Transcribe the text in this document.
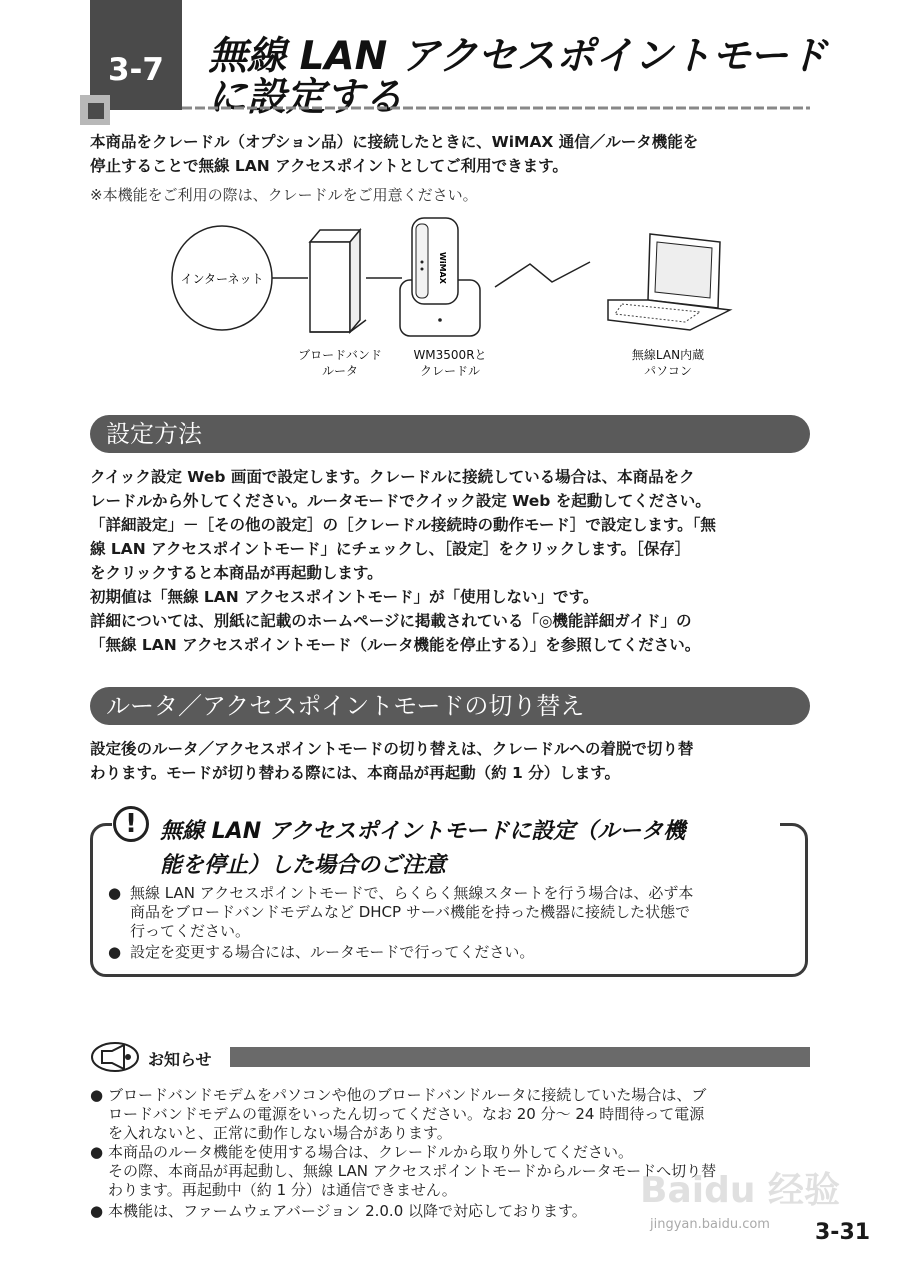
3-7	無線 LAN アクセスポイントモード
に設定する
本商品をクレードル（オプション品）に接続したときに、WiMAX 通信／ルータ機能を
停止することで無線 LAN アクセスポイントとしてご利用できます。
※本機能をご利用の際は、クレードルをご用意ください。
WiMAX
インターネット
ブロードバンド
ルータ
WM3500Rと
クレードル
無線LAN内蔵
パソコン
設定方法
クイック設定 Web 画面で設定します。クレードルに接続している場合は、本商品をク
レードルから外してください。ルータモードでクイック設定 Web を起動してください。
「詳細設定」－［その他の設定］の［クレードル接続時の動作モード］で設定します。「無
線 LAN アクセスポイントモード」にチェックし、［設定］をクリックします。［保存］
をクリックすると本商品が再起動します。
初期値は「無線 LAN アクセスポイントモード」が「使用しない」です。
詳細については、別紙に記載のホームページに掲載されている「◎機能詳細ガイド」の
「無線 LAN アクセスポイントモード（ルータ機能を停止する）」を参照してください。
ルータ／アクセスポイントモードの切り替え
設定後のルータ／アクセスポイントモードの切り替えは、クレードルへの着脱で切り替
わります。モードが切り替わる際には、本商品が再起動（約 1 分）します。
!	無線 LAN アクセスポイントモードに設定（ルータ機
能を停止）した場合のご注意
● 無線 LAN アクセスポイントモードで、らくらく無線スタートを行う場合は、必ず本
商品をブロードバンドモデムなど DHCP サーバ機能を持った機器に接続した状態で
行ってください。
● 設定を変更する場合には、ルータモードで行ってください。
お知らせ
● ブロードバンドモデムをパソコンや他のブロードバンドルータに接続していた場合は、ブ
ロードバンドモデムの電源をいったん切ってください。なお 20 分～ 24 時間待って電源
を入れないと、正常に動作しない場合があります。
● 本商品のルータ機能を使用する場合は、クレードルから取り外してください。
その際、本商品が再起動し、無線 LAN アクセスポイントモードからルータモードへ切り替
わります。再起動中（約 1 分）は通信できません。
● 本機能は、ファームウェアバージョン 2.0.0 以降で対応しております。 Baidu 经验
jingyan.baidu.com 3-31
